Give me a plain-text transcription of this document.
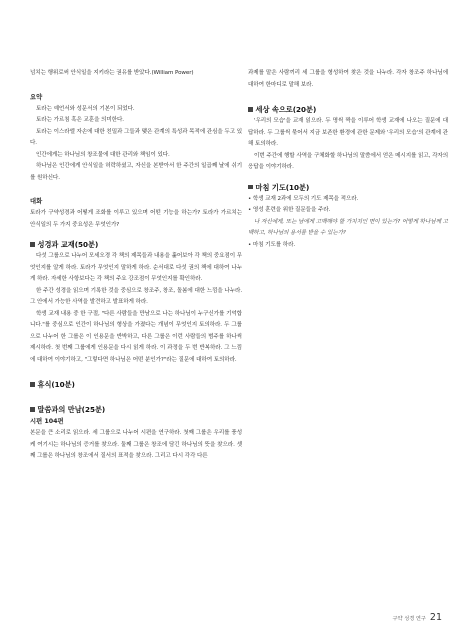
넘치는 행위로써 안식일을 지키라는 권유를 받았다.(William Power)

요약

토라는 예언서와 성문서의 기본이 되었다.

토라는 가르침 혹은 교훈을 의미한다.

토라는 이스라엘 자손에 대한 친밀과 그들과 맺은 관계의 특성과 목적에 관심을 두고 있다.

인간에게는 하나님의 창조물에 대한 관리와 책임이 있다.

하나님은 인간에게 안식일을 허락하셨고, 자신을 본받아서 한 주간의 일곱째 날에 쉬기를 원하신다.

대화

토라가 구약성경과 어떻게 조화를 이루고 있으며 어떤 기능을 하는가? 토라가 가르치는 안식일의 두 가지 중요성은 무엇인가?

성경과 교재(50분)

다섯 그룹으로 나누어 모세오경 각 책의 제목들과 내용을 훑어보아 각 책의 중요점이 무엇인지를 알게 하라. 토라가 무엇인지 말하게 하라. 순서대로 다섯 권의 책에 대하여 나누게 하라. 자세한 사항보다는 각 책의 주요 강조점이 무엇인지를 확인하라.

한 주간 성경을 읽으며 기록한 것을 중심으로 창조주, 창조, 돌봄에 대한 느낌을 나누라. 그 안에서 가능한 사역을 발견하고 발표하게 하라.

학생 교재 내용 중 한 구절, "다른 사람들을 만남으로 나는 하나님이 누구신가를 기억합니다."를 중심으로 인간이 하나님의 형상을 가졌다는 개념이 무엇인지 토의하라. 두 그룹으로 나누어 한 그룹은 이 인용문을 반박하고, 다른 그룹은 이런 사람들의 범주를 하나씩 제시하라. 첫 번째 그룹에게 인용문을 다시 읽게 하라. 이 과정을 두 번 반복하라. 그 느낌에 대하여 이야기하고, "그렇다면 하나님은 어떤 분인가?"라는 질문에 대하여 토의하라.

휴식(10분)
말씀과의 만남(25분)
시편 104편

본문을 큰 소리로 읽으라. 세 그룹으로 나누어 시편을 연구하라. 첫째 그룹은 우리를 풍성케 여기시는 하나님의 증거를 찾으라. 둘째 그룹은 창조에 담긴 하나님의 뜻을 찾으라. 셋째 그룹은 하나님의 창조에서 질서의 표적을 찾으라. 그리고 다시 각각 다른

과제를 맡은 사람끼리 세 그룹을 형성하여 찾은 것을 나누라. 각자 창조주 하나님에 대하여 한마디로 말해 보라.

세상 속으로(20분)

'우리의 모습'을 교재 읽으라. 두 명씩 짝을 이루어 학생 교재에 나오는 질문에 대답하라. 두 그룹씩 묶어서 지금 보존한 환경에 관한 문제와 '우리의 모습'의 관계에 관해 토의하라.

이번 주간에 행할 사역을 구체화할 하나님의 말씀에서 얻은 메시지를 읽고, 각자의 응답을 이야기하라.

마침 기도(10분)

• 학생 교재 2과에 모두의 기도 제목을 적으라.

• 영성 훈련을 위한 질문들을 주라.

나 자신에게, 또는 남에게 고백해야 할 가치치인 면이 있는가? 어떻게 하나님께 고백하고, 하나님의 용서를 받을 수 있는가?

• 마침 기도를 하라.

구약 성경 연구 21
